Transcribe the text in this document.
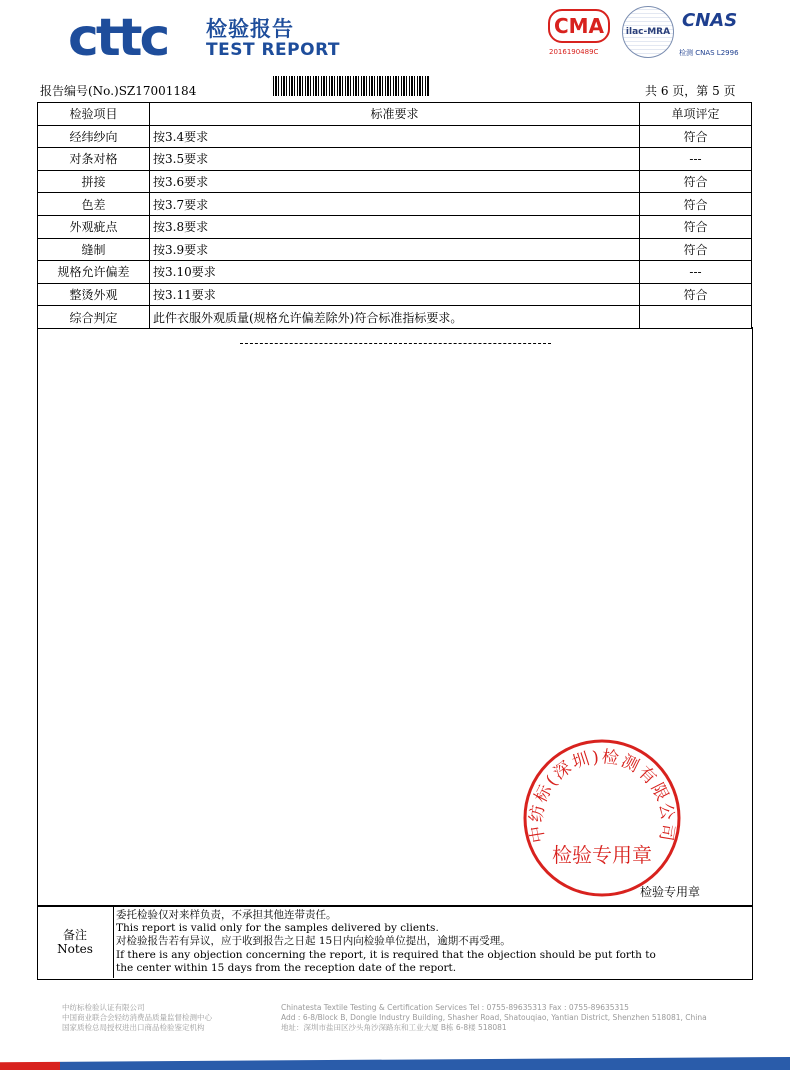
cttc 检验报告
TEST REPORT
CMA
2016190489C
ilac-MRA
CNAS
检测 CNAS L2996
报告编号(No.)SZ17001184	共 6 页，第 5 页
检验项目	标准要求	单项评定
经纬纱向	按3.4要求	符合
对条对格	按3.5要求	---
拼接	按3.6要求	符合
色差	按3.7要求	符合
外观疵点	按3.8要求	符合
缝制	按3.9要求	符合
规格允许偏差	按3.10要求	---
整烫外观	按3.11要求	符合
综合判定	此件衣服外观质量(规格允许偏差除外)符合标准指标要求。	
中纺标(深圳)检测有限公司
检验专用章
检验专用章
备注
Notes
委托检验仅对来样负责，不承担其他连带责任。
This report is valid only for the samples delivered by clients.
对检验报告若有异议，应于收到报告之日起 15日内向检验单位提出，逾期不再受理。
If there is any objection concerning the report, it is required that the objection should be put forth to
the center within 15 days from the reception date of the report.
中纺标检验认证有限公司
中国商业联合会轻纺消费品质量监督检测中心
国家质检总局授权进出口商品检验鉴定机构
Chinatesta Textile Testing & Certification Services Tel : 0755-89635313 Fax : 0755-89635315
Add : 6-8/Block B, Dongle Industry Building, Shasher Road, Shatouqiao, Yantian District, Shenzhen 518081, China
地址：深圳市盐田区沙头角沙深路东和工业大厦 B栋 6-8楼 518081
